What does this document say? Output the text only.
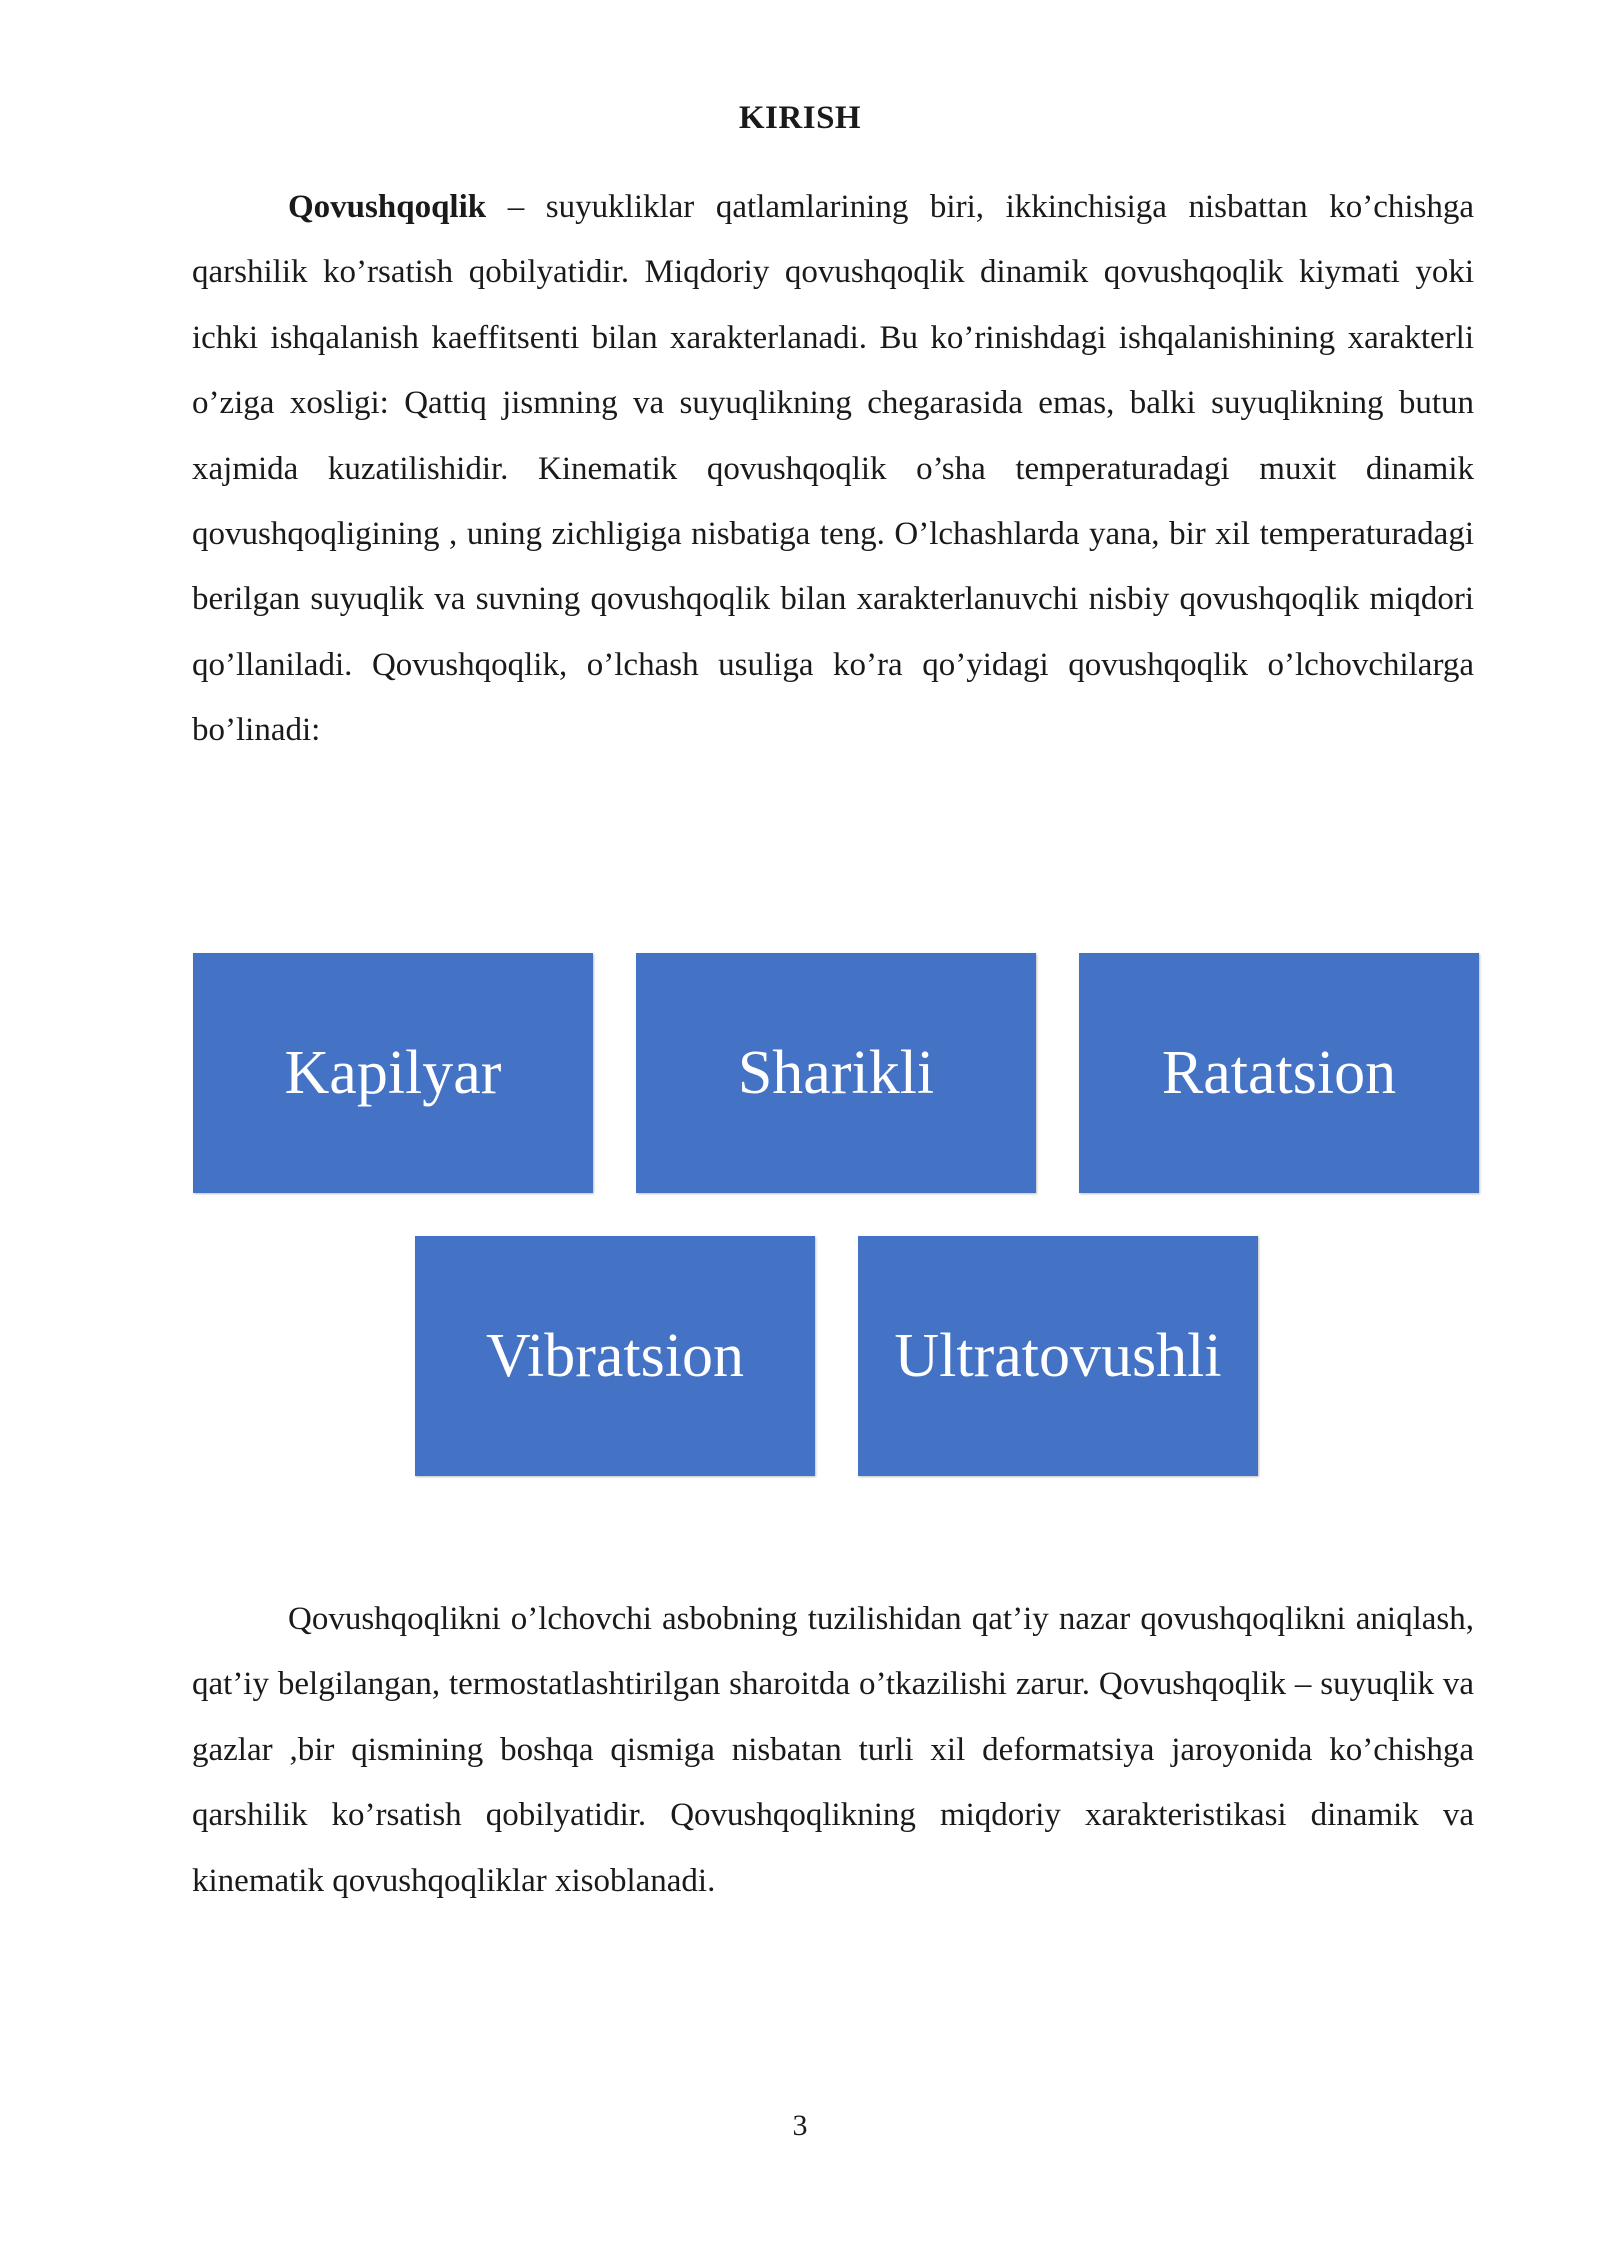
KIRISH

Qovushqoqlik – suyukliklar qatlamlarining biri, ikkinchisiga nisbattan ko’chishga qarshilik ko’rsatish qobilyatidir. Miqdoriy qovushqoqlik dinamik qovushqoqlik kiymati yoki ichki ishqalanish kaeffitsenti bilan xarakterlanadi. Bu ko’rinishdagi ishqalanishining xarakterli o’ziga xosligi: Qattiq jismning va suyuqlikning chegarasida emas, balki suyuqlikning butun xajmida kuzatilishidir. Kinematik qovushqoqlik o’sha temperaturadagi muxit dinamik qovushqoqligining , uning zichligiga nisbatiga teng. O’lchashlarda yana, bir xil temperaturadagi berilgan suyuqlik va suvning qovushqoqlik bilan xarakterlanuvchi nisbiy qovushqoqlik miqdori qo’llaniladi. Qovushqoqlik, o’lchash usuliga ko’ra qo’yidagi qovushqoqlik o’lchovchilarga bo’linadi:

Kapilyar	Sharikli	Ratatsion
Vibratsion	Ultratovushli

Qovushqoqlikni o’lchovchi asbobning tuzilishidan qat’iy nazar qovushqoqlikni aniqlash, qat’iy belgilangan, termostatlashtirilgan sharoitda o’tkazilishi zarur. Qovushqoqlik – suyuqlik va gazlar ,bir qismining boshqa qismiga nisbatan turli xil deformatsiya jaroyonida ko’chishga qarshilik ko’rsatish qobilyatidir. Qovushqoqlikning miqdoriy xarakteristikasi dinamik va kinematik qovushqoqliklar xisoblanadi.

3
